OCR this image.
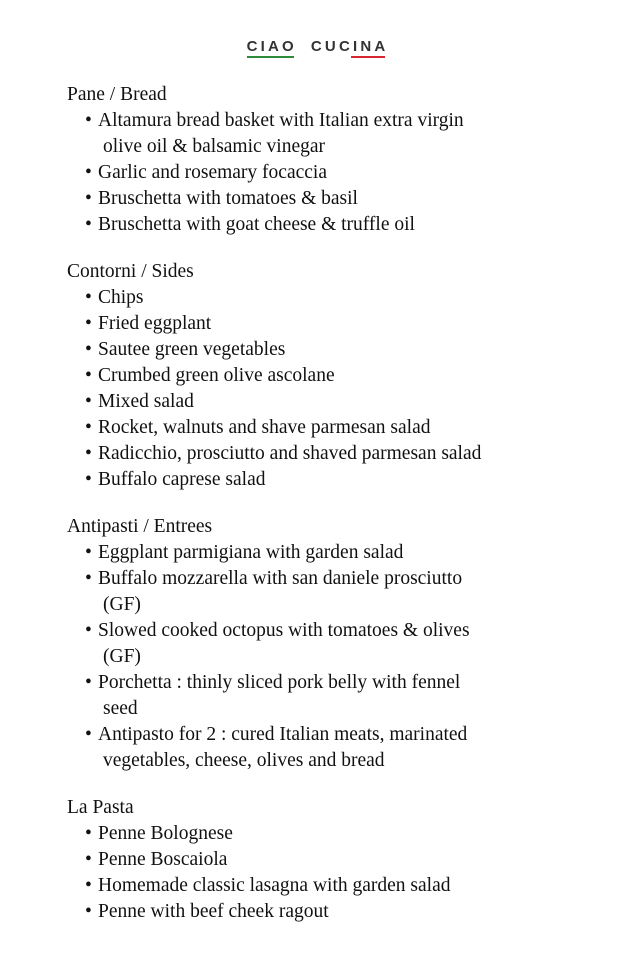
CIAO CUCINA
Pane / Bread
• Altamura bread basket with Italian extra virgin
olive oil & balsamic vinegar
• Garlic and rosemary focaccia
• Bruschetta with tomatoes & basil
• Bruschetta with goat cheese & truffle oil
Contorni / Sides
• Chips
• Fried eggplant
• Sautee green vegetables
• Crumbed green olive ascolane
• Mixed salad
• Rocket, walnuts and shave parmesan salad
• Radicchio, prosciutto and shaved parmesan salad
• Buffalo caprese salad
Antipasti / Entrees
• Eggplant parmigiana with garden salad
• Buffalo mozzarella with san daniele prosciutto
(GF)
• Slowed cooked octopus with tomatoes & olives
(GF)
• Porchetta : thinly sliced pork belly with fennel
seed
• Antipasto for 2 : cured Italian meats, marinated
vegetables, cheese, olives and bread
La Pasta
• Penne Bolognese
• Penne Boscaiola
• Homemade classic lasagna with garden salad
• Penne with beef cheek ragout
